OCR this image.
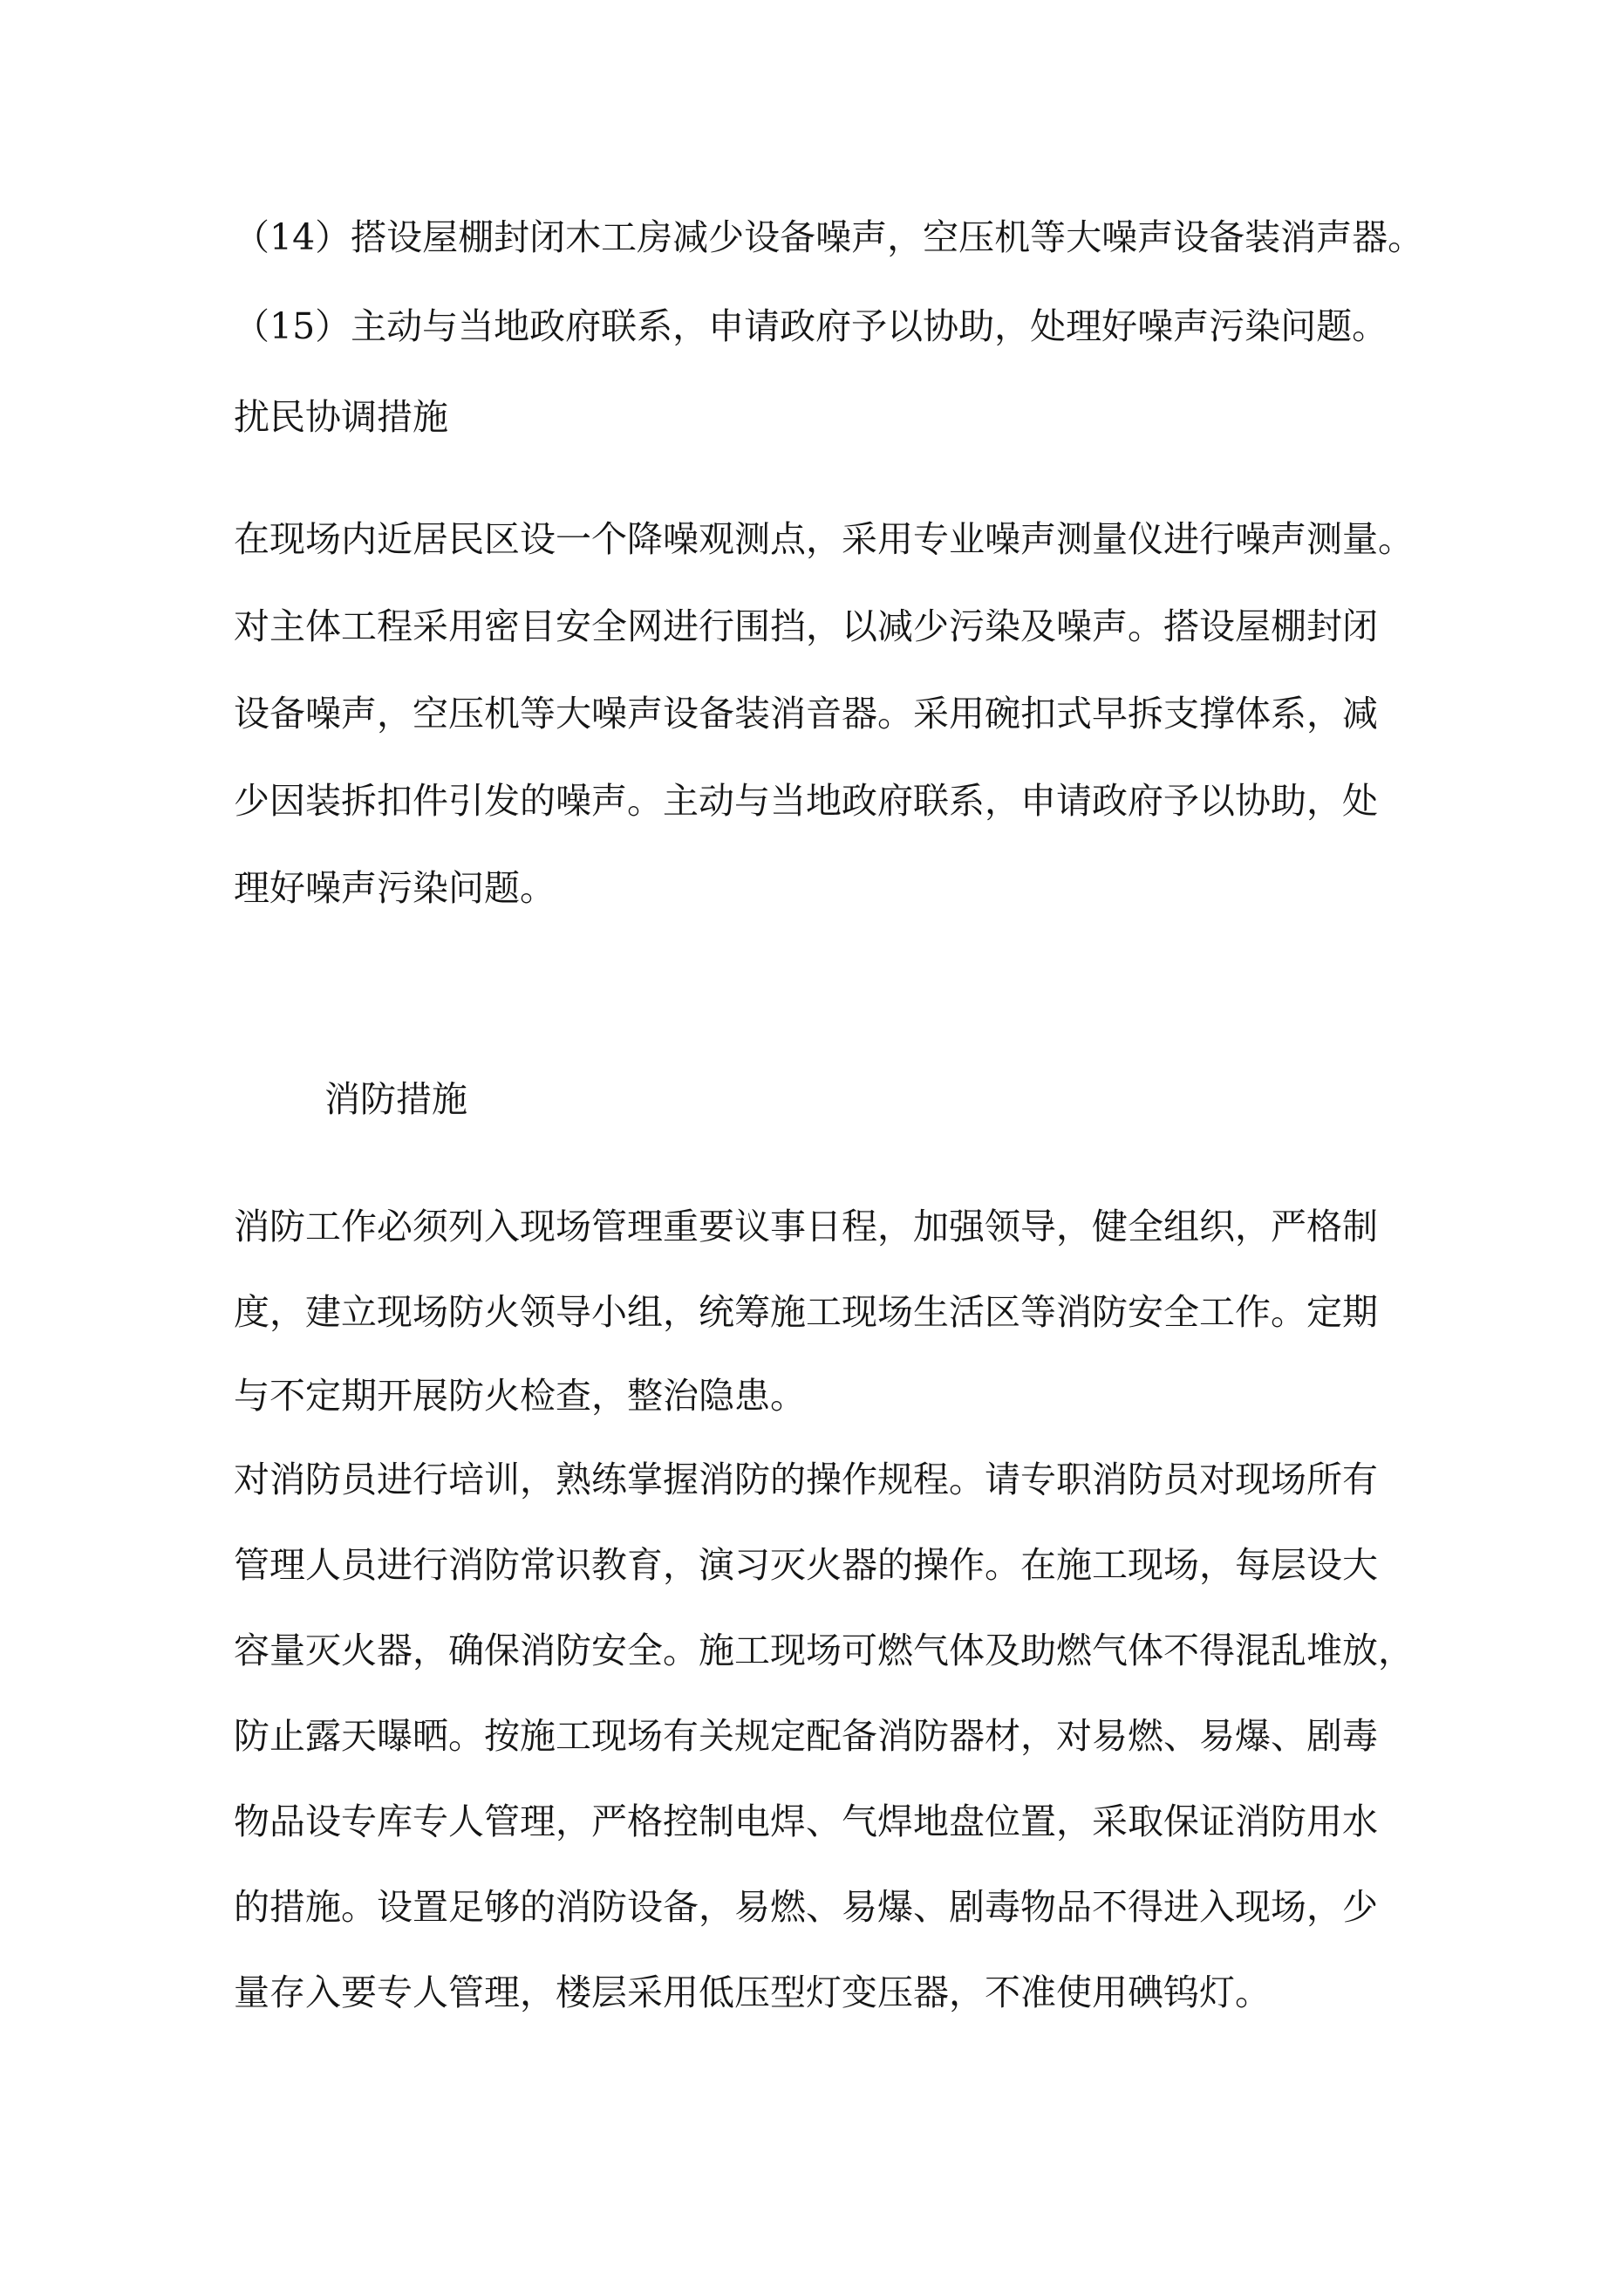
（14）搭设屋棚封闭木工房减少设备噪声，空压机等大噪声设备装消声器。

（15）主动与当地政府联系，申请政府予以协助，处理好噪声污染问题。

扰民协调措施

在现场内近居民区设一个降噪观测点，采用专业噪声测量仪进行噪声测量。

对主体工程采用密目安全网进行围挡，以减少污染及噪声。搭设屋棚封闭

设备噪声，空压机等大噪声设备装消音器。采用碗扣式早拆支撑体系，减

少因装拆扣件引发的噪声。主动与当地政府联系，申请政府予以协助，处

理好噪声污染问题。

消防措施

消防工作必须列入现场管理重要议事日程，加强领导，健全组织，严格制

度，建立现场防火领导小组，统筹施工现场生活区等消防安全工作。定期

与不定期开展防火检查，整治隐患。

对消防员进行培训，熟练掌握消防的操作规程。请专职消防员对现场所有

管理人员进行消防常识教育，演习灭火器的操作。在施工现场，每层设大

容量灭火器，确保消防安全。施工现场可燃气体及助燃气体不得混乱堆放，

防止露天曝晒。按施工现场有关规定配备消防器材，对易燃、易爆、剧毒

物品设专库专人管理，严格控制电焊、气焊地盘位置，采取保证消防用水

的措施。设置足够的消防设备，易燃、易爆、剧毒物品不得进入现场，少

量存入要专人管理，楼层采用低压型灯变压器，不准使用碘钨灯。
